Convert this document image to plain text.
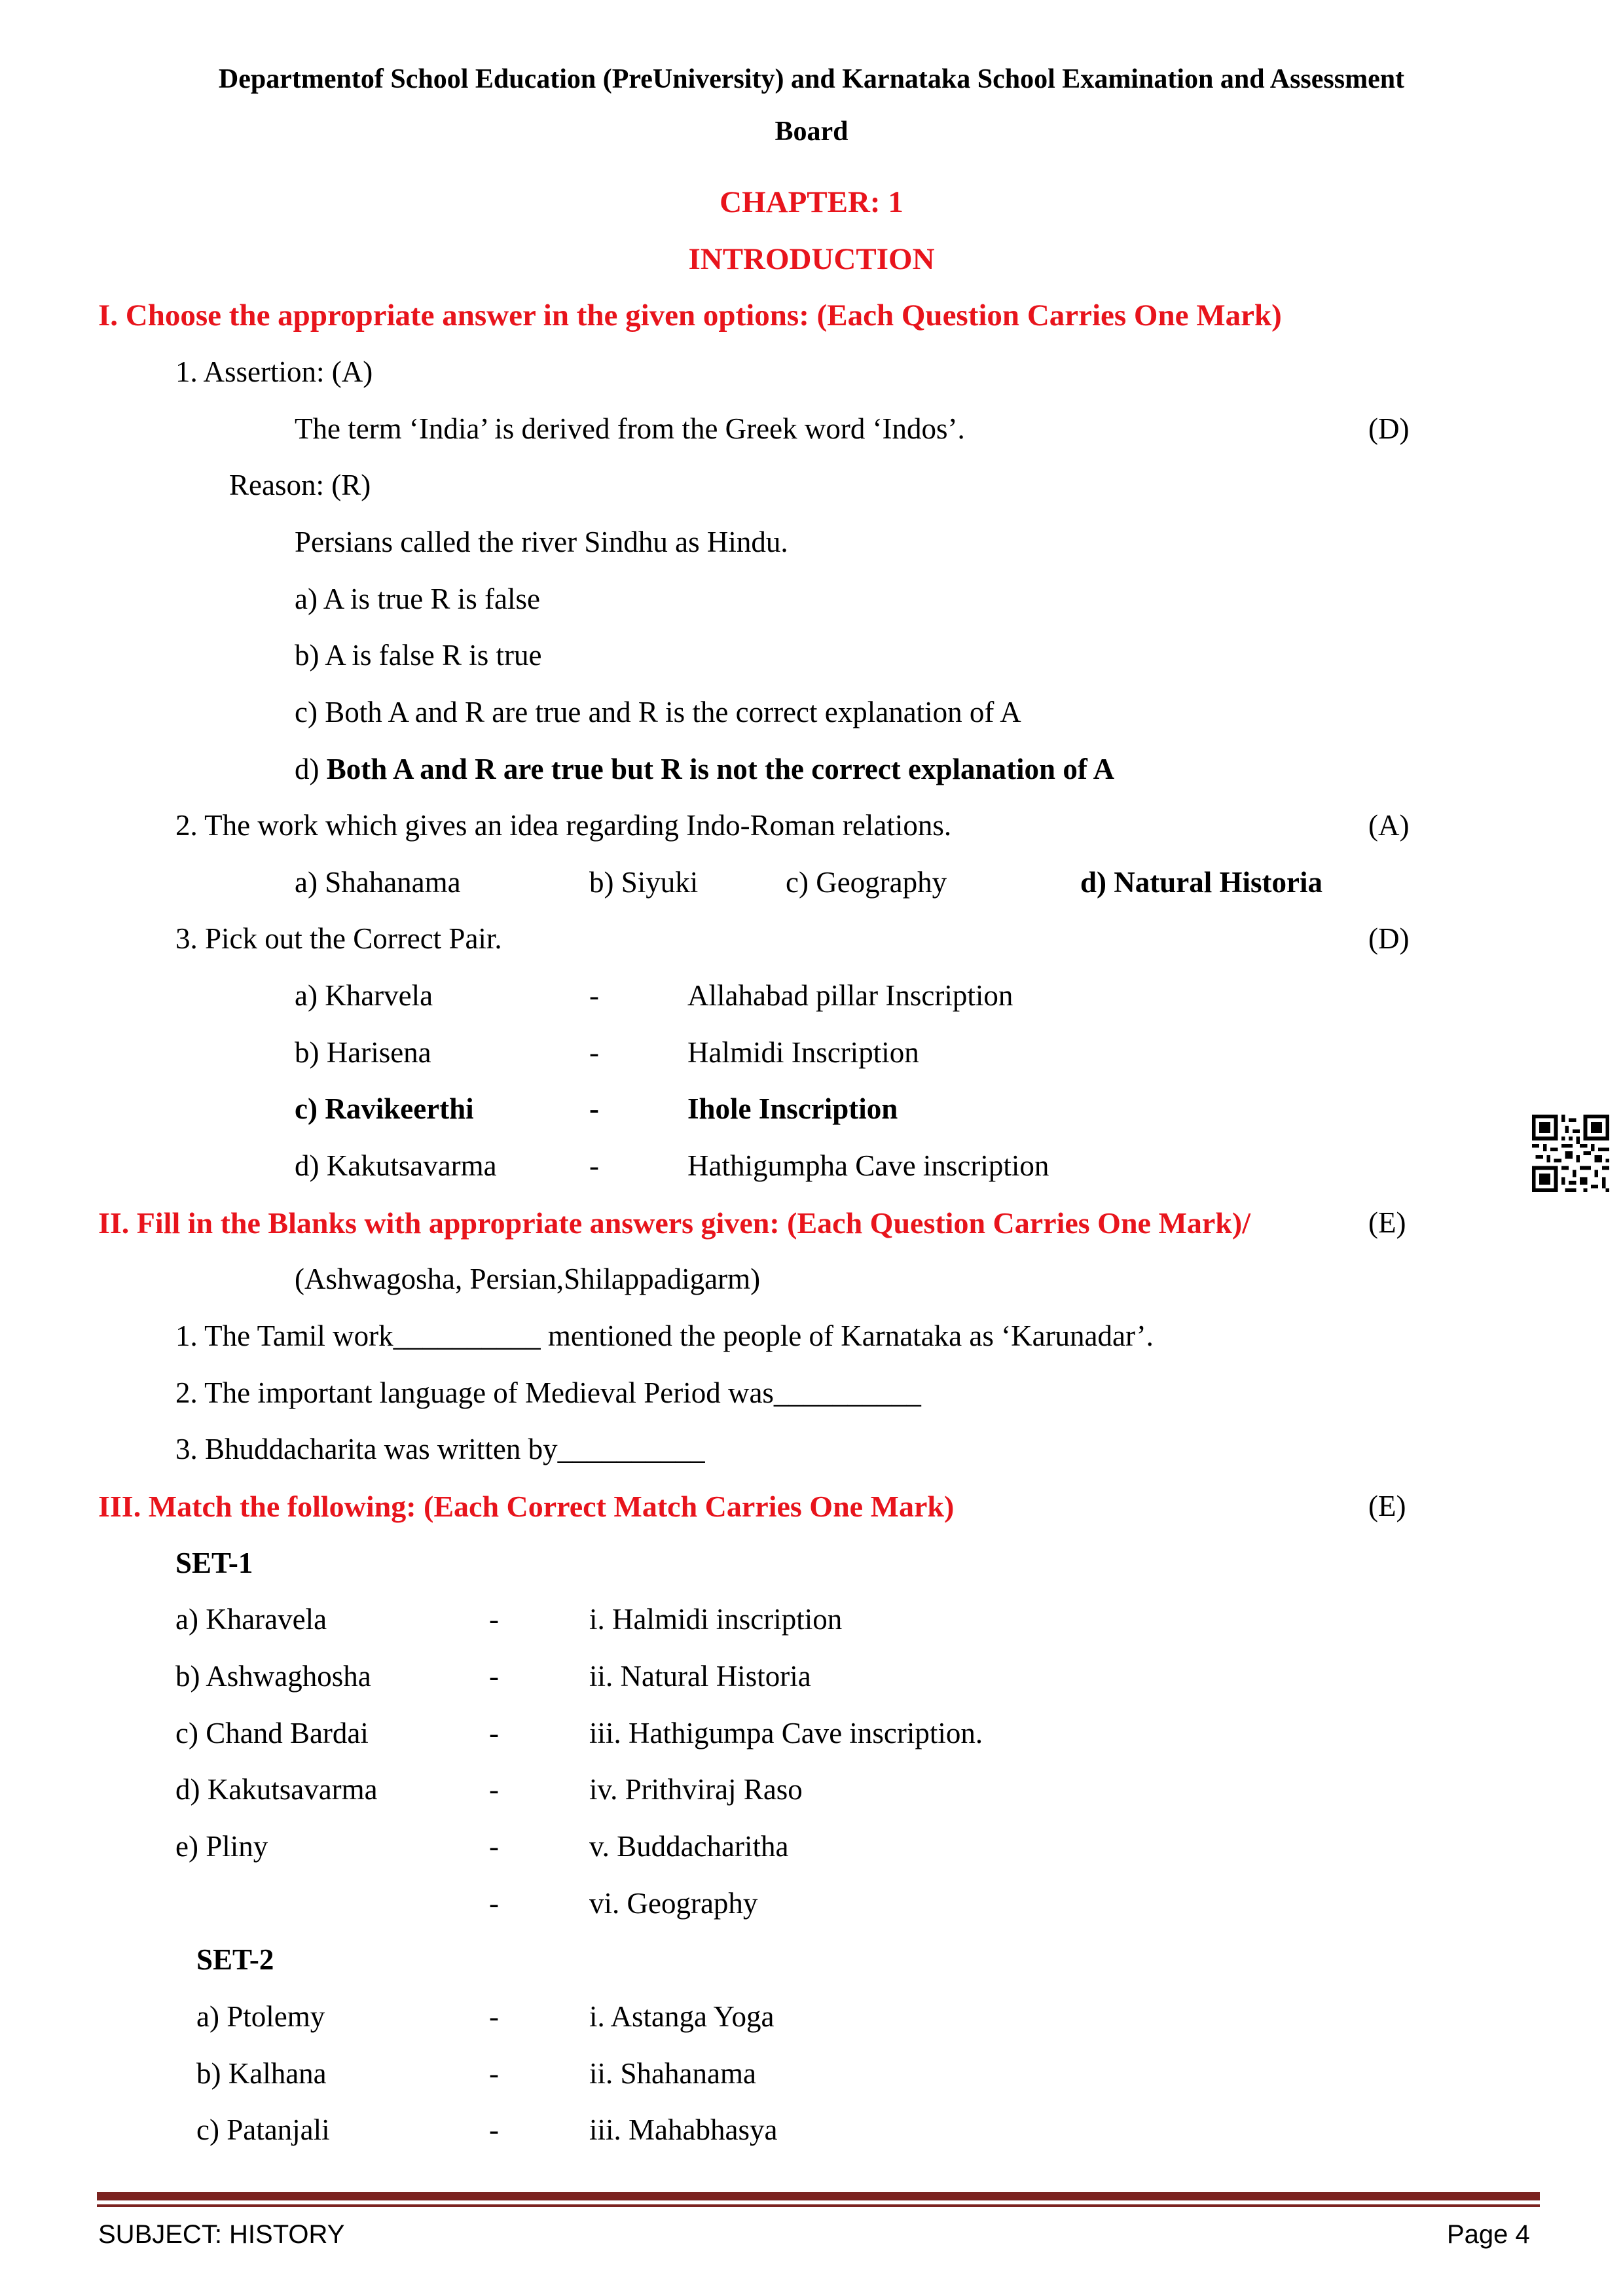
Departmentof School Education (PreUniversity) and Karnataka School Examination and Assessment
Board
CHAPTER: 1
INTRODUCTION
I. Choose the appropriate answer in the given options: (Each Question Carries One Mark)
1. Assertion: (A)
The term ‘India’ is derived from the Greek word ‘Indos’.	(D)
Reason: (R)
Persians called the river Sindhu as Hindu.
a) A is true R is false
b) A is false R is true
c) Both A and R are true and R is the correct explanation of A
d) Both A and R are true but R is not the correct explanation of A
2. The work which gives an idea regarding Indo-Roman relations.	(A)
a) Shahanama	b) Siyuki	c) Geography	d) Natural Historia
3. Pick out the Correct Pair.	(D)
a) Kharvela	-	Allahabad pillar Inscription
b) Harisena	-	Halmidi Inscription
c) Ravikeerthi	-	Ihole Inscription
d) Kakutsavarma	-	Hathigumpha Cave inscription
II. Fill in the Blanks with appropriate answers given: (Each Question Carries One Mark)/	(E)
(Ashwagosha, Persian,Shilappadigarm)
1. The Tamil work__________ mentioned the people of Karnataka as ‘Karunadar’.
2. The important language of Medieval Period was__________
3. Bhuddacharita was written by__________
III. Match the following: (Each Correct Match Carries One Mark)	(E)
SET-1
a) Kharavela	-	i. Halmidi inscription
b) Ashwaghosha	-	ii. Natural Historia
c) Chand Bardai	-	iii. Hathigumpa Cave inscription.
d) Kakutsavarma	-	iv. Prithviraj Raso
e) Pliny	-	v. Buddacharitha
-	vi. Geography
SET-2
a) Ptolemy	-	i. Astanga Yoga
b) Kalhana	-	ii. Shahanama
c) Patanjali	-	iii. Mahabhasya
SUBJECT: HISTORY	Page 4
